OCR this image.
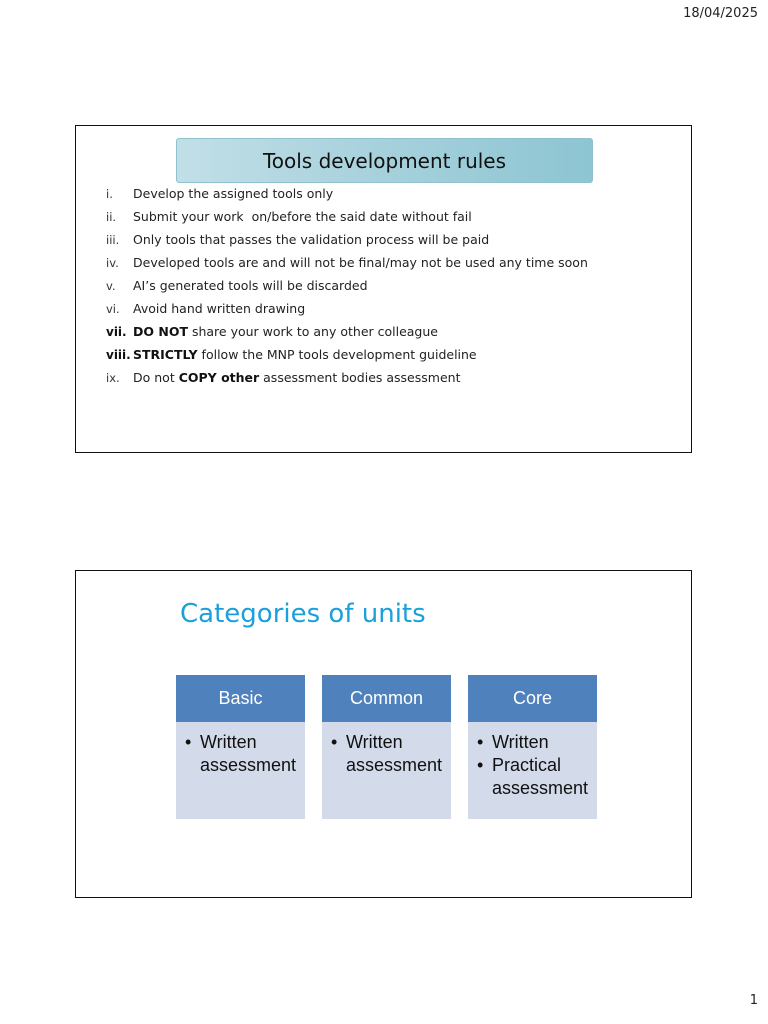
18/04/2025
Tools development rules
i.	Develop the assigned tools only
ii.	Submit your work  on/before the said date without fail
iii.	Only tools that passes the validation process will be paid
iv.	Developed tools are and will not be final/may not be used any time soon
v.	AI’s generated tools will be discarded
vi.	Avoid hand written drawing
vii. DO NOT share your work to any other colleague
viii. STRICTLY follow the MNP tools development guideline
ix.	Do not COPY other assessment bodies assessment
Categories of units
Basic
• Written assessment
Common
• Written assessment
Core
• Written
• Practical assessment
1
